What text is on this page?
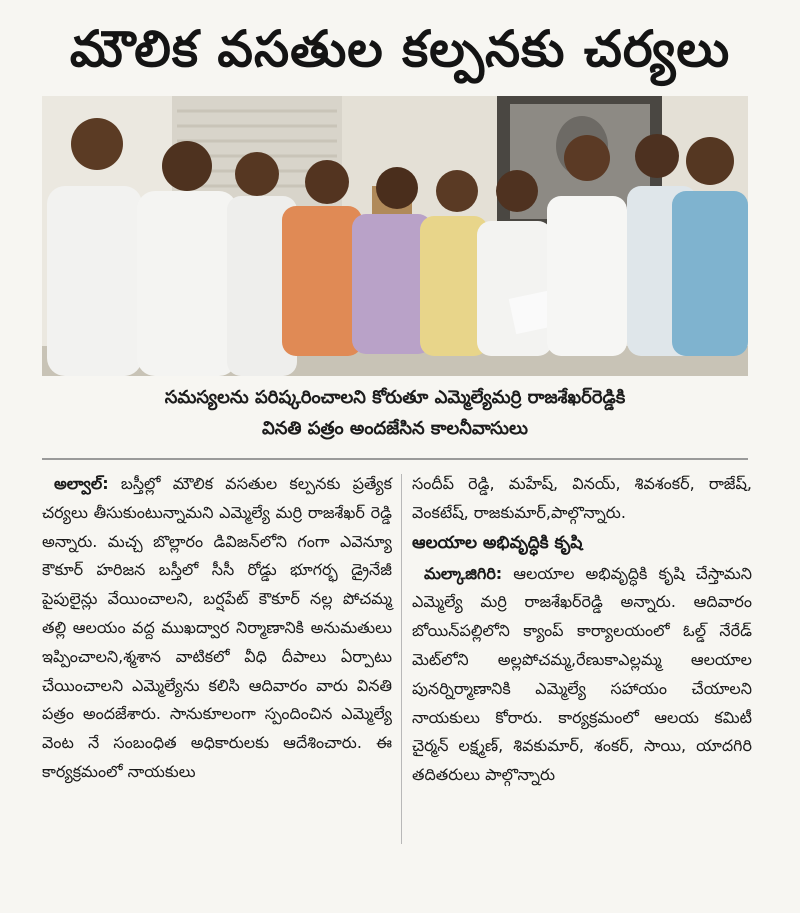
మౌలిక వసతుల కల్పనకు చర్యలు
సమస్యలను పరిష్కరించాలని కోరుతూ ఎమ్మెల్యేమర్రి రాజశేఖర్‌రెడ్డికి
వినతి పత్రం అందజేసిన కాలనీవాసులు

అల్వాల్: బస్తీల్లో మౌలిక వసతుల కల్పనకు ప్రత్యేక చర్యలు తీసుకుంటున్నామని ఎమ్మెల్యే మర్రి రాజశేఖర్ రెడ్డి అన్నారు. మచ్చ బొల్లారం డివిజన్‌లోని గంగా ఎవెన్యూ కౌకూర్ హరిజన బస్తీలో సీసీ రోడ్డు భూగర్భ డ్రైనేజీ పైపులైన్లు వేయించాలని, బర్షపేట్ కౌకూర్ నల్ల పోచమ్మ తల్లి ఆలయం వద్ద ముఖద్వార నిర్మాణానికి అనుమతులు ఇప్పించాలని,శ్మశాన వాటికలో వీధి దీపాలు ఏర్పాటు చేయించాలని ఎమ్మెల్యేను కలిసి ఆదివారం వారు వినతి పత్రం అందజేశారు. సానుకూలంగా స్పందించిన ఎమ్మెల్యే వెంట నే సంబంధిత అధికారులకు ఆదేశించారు. ఈ కార్యక్రమంలో నాయకులు

సందీప్ రెడ్డి, మహేష్, వినయ్, శివశంకర్, రాజేష్, వెంకటేష్, రాజకుమార్,పాల్గొన్నారు.

ఆలయాల అభివృద్ధికి కృషి

మల్కాజిగిరి: ఆలయాల అభివృద్ధికి కృషి చేస్తామని ఎమ్మెల్యే మర్రి రాజశేఖర్‌రెడ్డి అన్నారు. ఆదివారం బోయిన్‌పల్లిలోని క్యాంప్ కార్యాలయంలో ఓల్డ్ నేరేడ్ మెట్‌లోని అల్లపోచమ్మ,రేణుకాఎల్లమ్మ ఆలయాల పునర్నిర్మాణానికి ఎమ్మెల్యే సహాయం చేయాలని నాయకులు కోరారు. కార్యక్రమంలో ఆలయ కమిటీ చైర్మన్ లక్ష్మణ్, శివకుమార్, శంకర్, సాయి, యాదగిరి తదితరులు పాల్గొన్నారు
